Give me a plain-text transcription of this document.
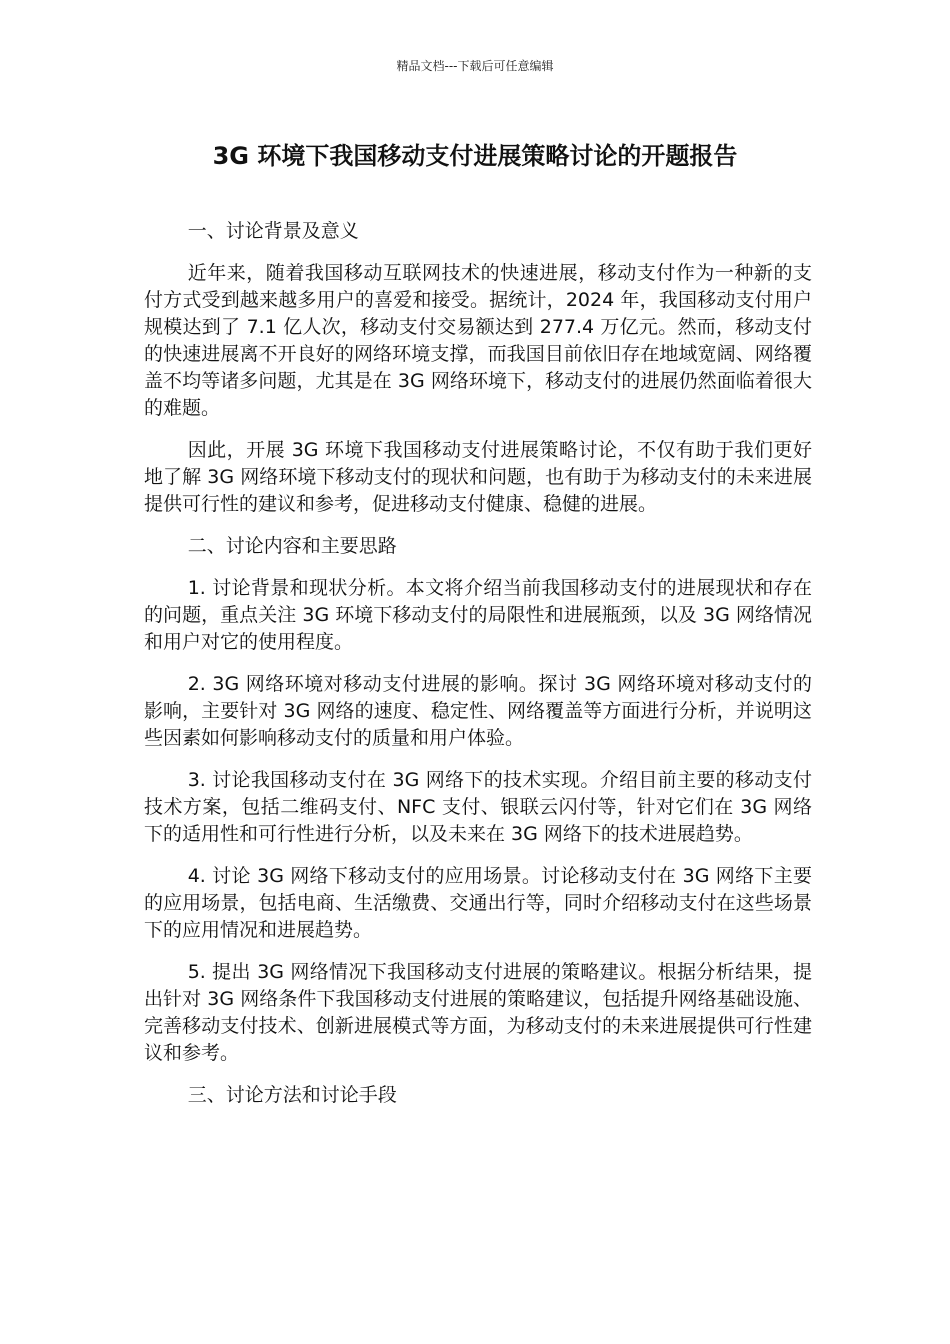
精品文档---下载后可任意编辑
3G 环境下我国移动支付进展策略讨论的开题报告
一、讨论背景及意义

近年来，随着我国移动互联网技术的快速进展，移动支付作为一种新的支付方式受到越来越多用户的喜爱和接受。据统计，2024 年，我国移动支付用户规模达到了 7.1 亿人次，移动支付交易额达到 277.4 万亿元。然而，移动支付的快速进展离不开良好的网络环境支撑，而我国目前依旧存在地域宽阔、网络覆盖不均等诸多问题，尤其是在 3G 网络环境下，移动支付的进展仍然面临着很大的难题。

因此，开展 3G 环境下我国移动支付进展策略讨论，不仅有助于我们更好地了解 3G 网络环境下移动支付的现状和问题，也有助于为移动支付的未来进展提供可行性的建议和参考，促进移动支付健康、稳健的进展。

二、讨论内容和主要思路

1. 讨论背景和现状分析。本文将介绍当前我国移动支付的进展现状和存在的问题，重点关注 3G 环境下移动支付的局限性和进展瓶颈，以及 3G 网络情况和用户对它的使用程度。

2. 3G 网络环境对移动支付进展的影响。探讨 3G 网络环境对移动支付的影响，主要针对 3G 网络的速度、稳定性、网络覆盖等方面进行分析，并说明这些因素如何影响移动支付的质量和用户体验。

3. 讨论我国移动支付在 3G 网络下的技术实现。介绍目前主要的移动支付技术方案，包括二维码支付、NFC 支付、银联云闪付等，针对它们在 3G 网络下的适用性和可行性进行分析，以及未来在 3G 网络下的技术进展趋势。

4. 讨论 3G 网络下移动支付的应用场景。讨论移动支付在 3G 网络下主要的应用场景，包括电商、生活缴费、交通出行等，同时介绍移动支付在这些场景下的应用情况和进展趋势。

5. 提出 3G 网络情况下我国移动支付进展的策略建议。根据分析结果，提出针对 3G 网络条件下我国移动支付进展的策略建议，包括提升网络基础设施、完善移动支付技术、创新进展模式等方面，为移动支付的未来进展提供可行性建议和参考。

三、讨论方法和讨论手段
